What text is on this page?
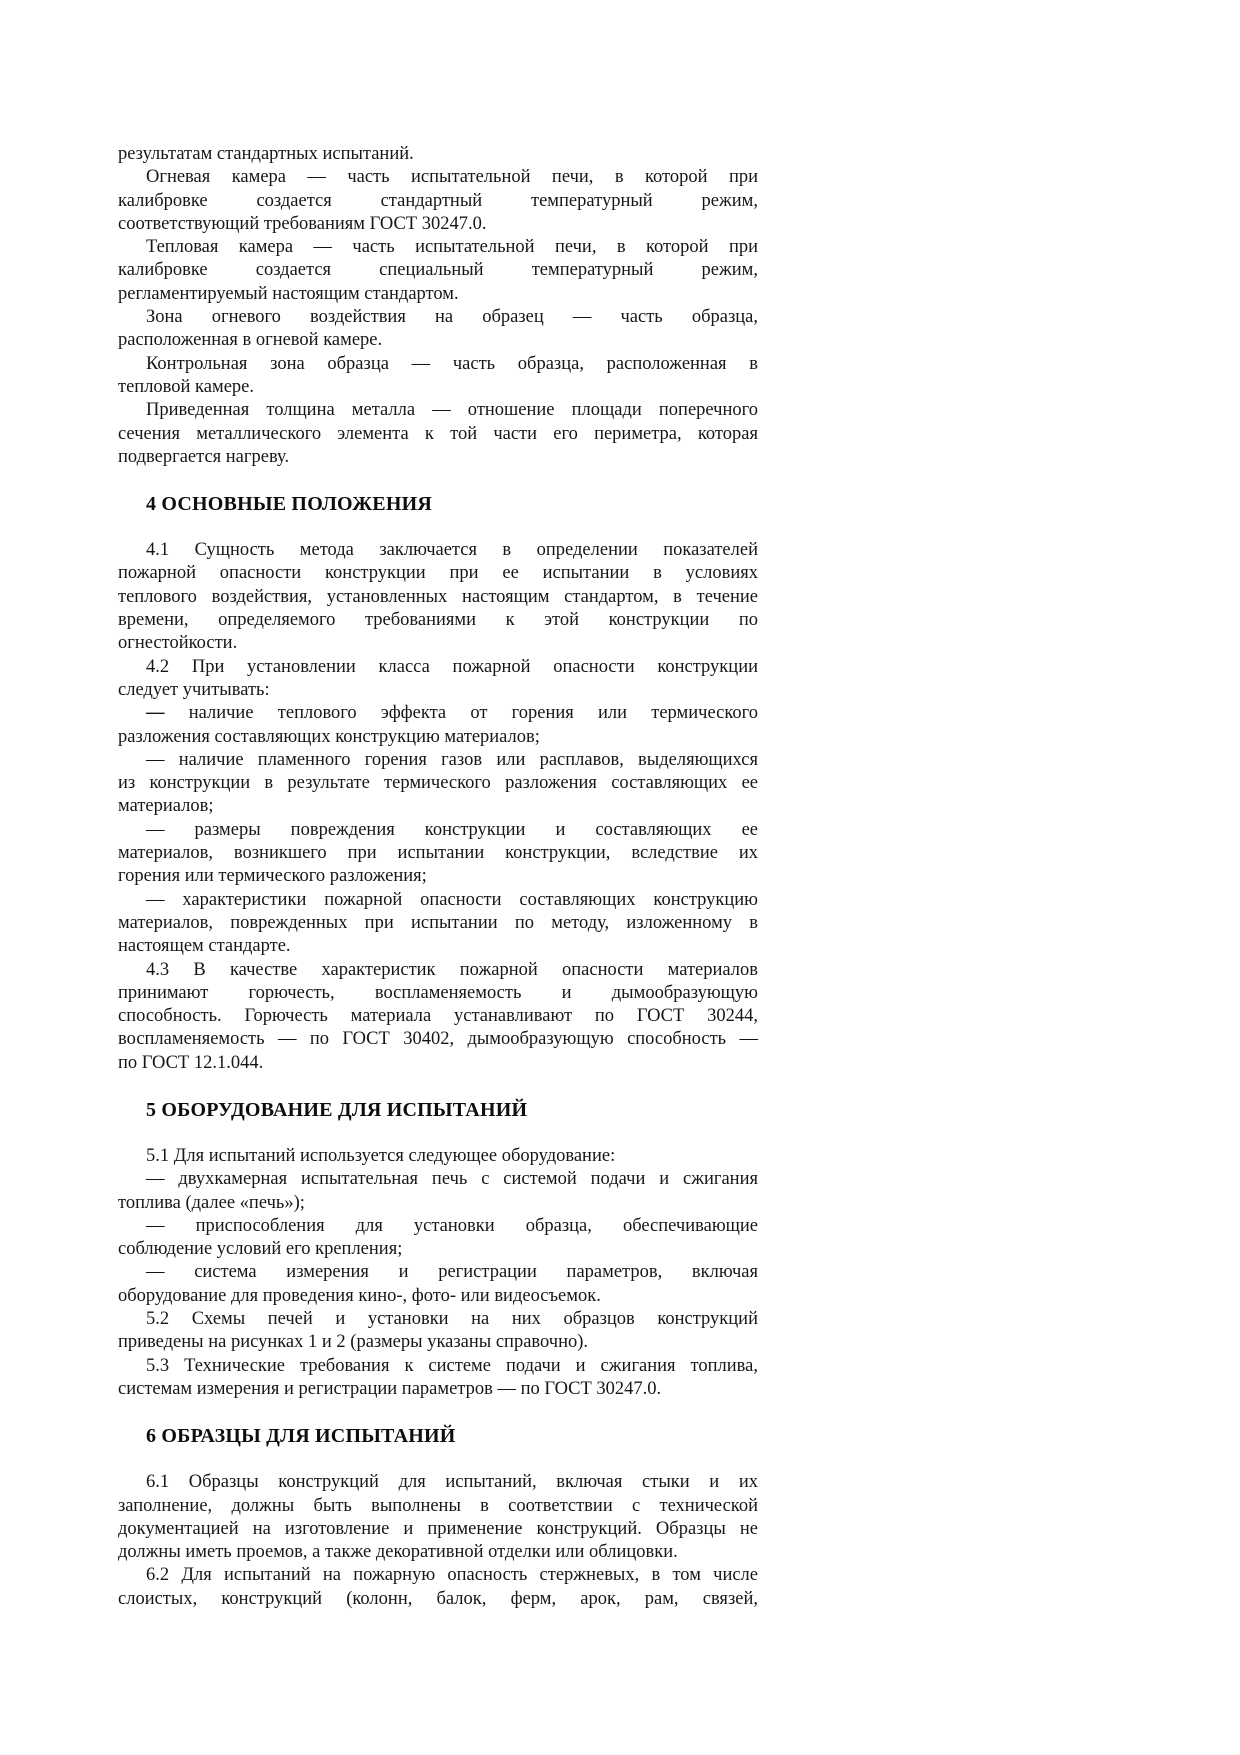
результатам стандартных испытаний.
Огневая камера — часть испытательной печи, в которой при
калибровке создается стандартный температурный режим,
соответствующий требованиям ГОСТ 30247.0.
Тепловая камера — часть испытательной печи, в которой при
калибровке создается специальный температурный режим,
регламентируемый настоящим стандартом.
Зона огневого воздействия на образец — часть образца,
расположенная в огневой камере.
Контрольная зона образца — часть образца, расположенная в
тепловой камере.
Приведенная толщина металла — отношение площади поперечного
сечения металлического элемента к той части его периметра, которая
подвергается нагреву.
4 ОСНОВНЫЕ ПОЛОЖЕНИЯ
4.1 Сущность метода заключается в определении показателей
пожарной опасности конструкции при ее испытании в условиях
теплового воздействия, установленных настоящим стандартом, в течение
времени, определяемого требованиями к этой конструкции по
огнестойкости.
4.2 При установлении класса пожарной опасности конструкции
следует учитывать:
— наличие теплового эффекта от горения или термического
разложения составляющих конструкцию материалов;
— наличие пламенного горения газов или расплавов, выделяющихся
из конструкции в результате термического разложения составляющих ее
материалов;
— размеры повреждения конструкции и составляющих ее
материалов, возникшего при испытании конструкции, вследствие их
горения или термического разложения;
— характеристики пожарной опасности составляющих конструкцию
материалов, поврежденных при испытании по методу, изложенному в
настоящем стандарте.
4.3 В качестве характеристик пожарной опасности материалов
принимают горючесть, воспламеняемость и дымообразующую
способность. Горючесть материала устанавливают по ГОСТ 30244,
воспламеняемость — по ГОСТ 30402, дымообразующую способность —
по ГОСТ 12.1.044.
5 ОБОРУДОВАНИЕ ДЛЯ ИСПЫТАНИЙ
5.1 Для испытаний используется следующее оборудование:
— двухкамерная испытательная печь с системой подачи и сжигания
топлива (далее «печь»);
— приспособления для установки образца, обеспечивающие
соблюдение условий его крепления;
— система измерения и регистрации параметров, включая
оборудование для проведения кино-, фото- или видеосъемок.
5.2 Схемы печей и установки на них образцов конструкций
приведены на рисунках 1 и 2 (размеры указаны справочно).
5.3 Технические требования к системе подачи и сжигания топлива,
системам измерения и регистрации параметров — по ГОСТ 30247.0.
6 ОБРАЗЦЫ ДЛЯ ИСПЫТАНИЙ
6.1 Образцы конструкций для испытаний, включая стыки и их
заполнение, должны быть выполнены в соответствии с технической
документацией на изготовление и применение конструкций. Образцы не
должны иметь проемов, а также декоративной отделки или облицовки.
6.2 Для испытаний на пожарную опасность стержневых, в том числе
слоистых, конструкций (колонн, балок, ферм, арок, рам, связей,
